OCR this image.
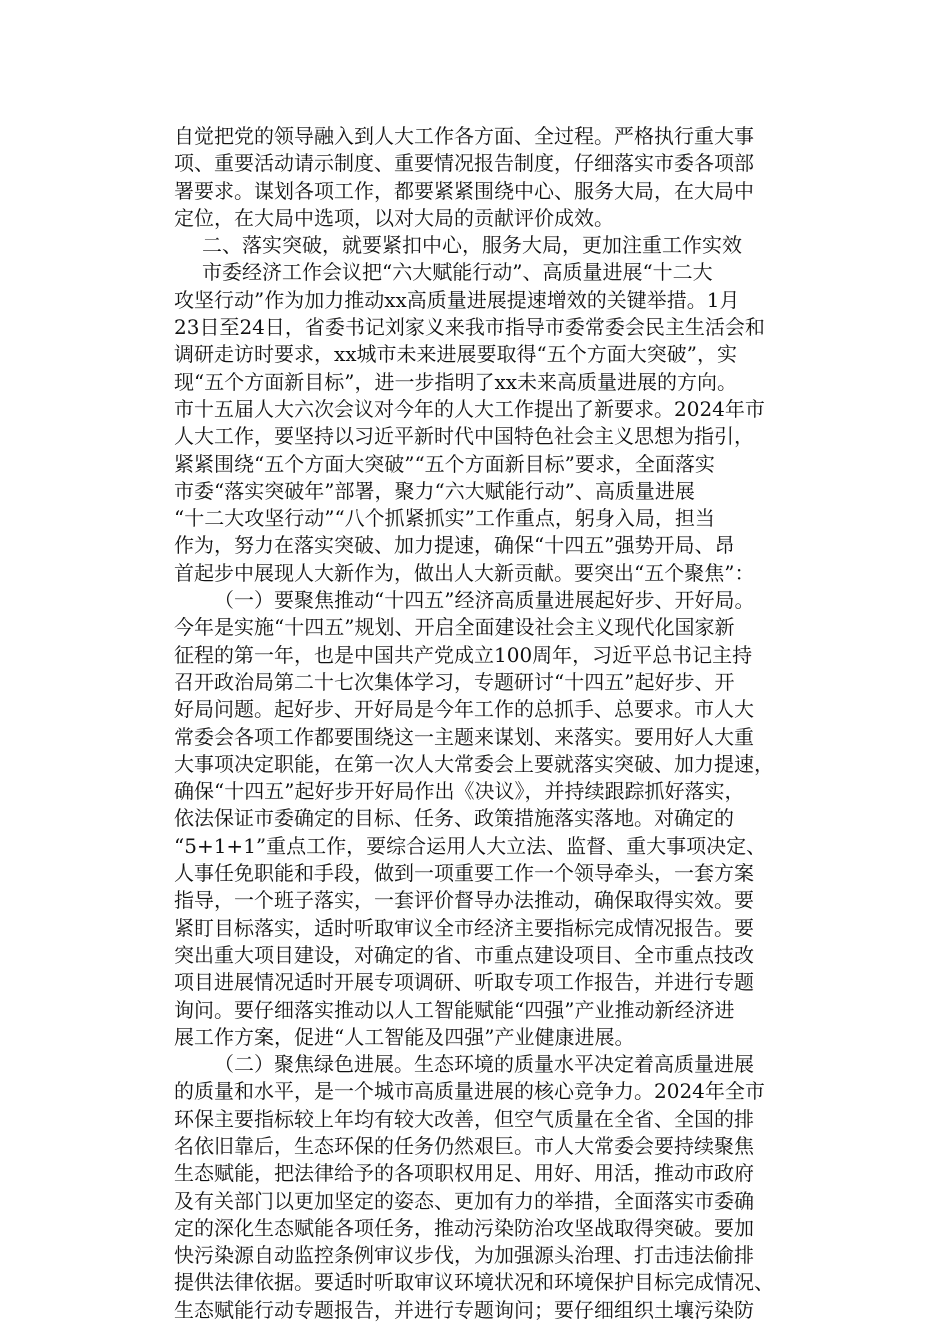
自觉把党的领导融入到人大工作各方面、全过程。严格执行重大事
项、重要活动请示制度、重要情况报告制度，仔细落实市委各项部
署要求。谋划各项工作，都要紧紧围绕中心、服务大局，在大局中
定位，在大局中选项，以对大局的贡献评价成效。
二、落实突破，就要紧扣中心，服务大局，更加注重工作实效
市委经济工作会议把“六大赋能行动”、高质量进展“十二大
攻坚行动”作为加力推动xx高质量进展提速增效的关键举措。1月
23日至24日，省委书记刘家义来我市指导市委常委会民主生活会和
调研走访时要求，xx城市未来进展要取得“五个方面大突破”，实
现“五个方面新目标”，进一步指明了xx未来高质量进展的方向。
市十五届人大六次会议对今年的人大工作提出了新要求。2024年市
人大工作，要坚持以习近平新时代中国特色社会主义思想为指引，
紧紧围绕“五个方面大突破”“五个方面新目标”要求，全面落实
市委“落实突破年”部署，聚力“六大赋能行动”、高质量进展
“十二大攻坚行动”“八个抓紧抓实”工作重点，躬身入局，担当
作为，努力在落实突破、加力提速，确保“十四五”强势开局、昂
首起步中展现人大新作为，做出人大新贡献。要突出“五个聚焦”：
（一）要聚焦推动“十四五”经济高质量进展起好步、开好局。
今年是实施“十四五”规划、开启全面建设社会主义现代化国家新
征程的第一年，也是中国共产党成立100周年，习近平总书记主持
召开政治局第二十七次集体学习，专题研讨“十四五”起好步、开
好局问题。起好步、开好局是今年工作的总抓手、总要求。市人大
常委会各项工作都要围绕这一主题来谋划、来落实。要用好人大重
大事项决定职能，在第一次人大常委会上要就落实突破、加力提速，
确保“十四五”起好步开好局作出《决议》，并持续跟踪抓好落实，
依法保证市委确定的目标、任务、政策措施落实落地。对确定的
“5+1+1”重点工作，要综合运用人大立法、监督、重大事项决定、
人事任免职能和手段，做到一项重要工作一个领导牵头，一套方案
指导，一个班子落实，一套评价督导办法推动，确保取得实效。要
紧盯目标落实，适时听取审议全市经济主要指标完成情况报告。要
突出重大项目建设，对确定的省、市重点建设项目、全市重点技改
项目进展情况适时开展专项调研、听取专项工作报告，并进行专题
询问。要仔细落实推动以人工智能赋能“四强”产业推动新经济进
展工作方案，促进“人工智能及四强”产业健康进展。
（二）聚焦绿色进展。生态环境的质量水平决定着高质量进展
的质量和水平，是一个城市高质量进展的核心竞争力。2024年全市
环保主要指标较上年均有较大改善，但空气质量在全省、全国的排
名依旧靠后，生态环保的任务仍然艰巨。市人大常委会要持续聚焦
生态赋能，把法律给予的各项职权用足、用好、用活，推动市政府
及有关部门以更加坚定的姿态、更加有力的举措，全面落实市委确
定的深化生态赋能各项任务，推动污染防治攻坚战取得突破。要加
快污染源自动监控条例审议步伐，为加强源头治理、打击违法偷排
提供法律依据。要适时听取审议环境状况和环境保护目标完成情况、
生态赋能行动专题报告，并进行专题询问；要仔细组织土壤污染防
